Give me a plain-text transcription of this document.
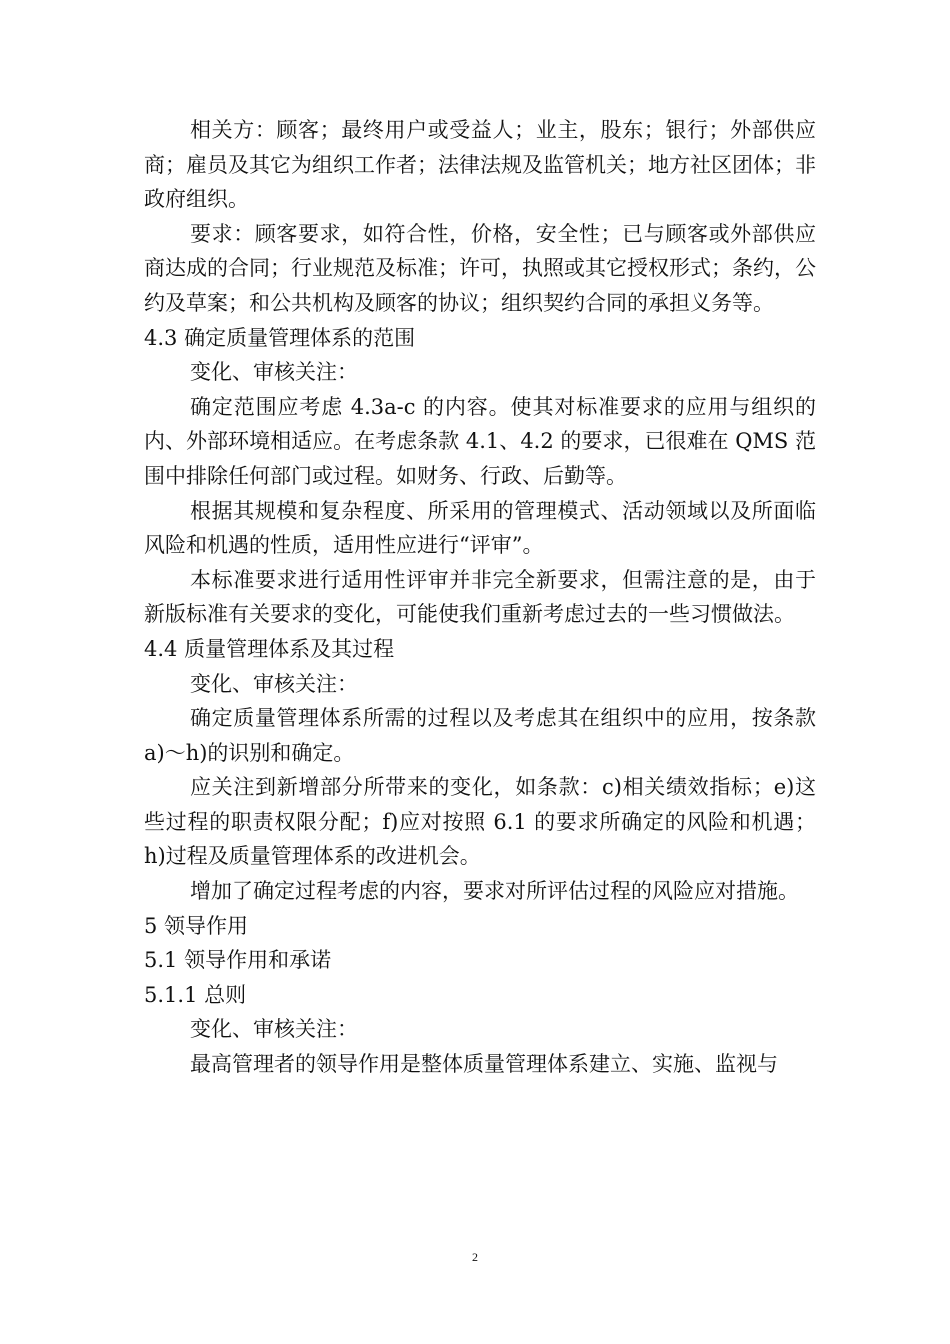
相关方：顾客；最终用户或受益人；业主，股东；银行；外部供应商；雇员及其它为组织工作者；法律法规及监管机关；地方社区团体；非政府组织。

要求：顾客要求，如符合性，价格，安全性；已与顾客或外部供应商达成的合同；行业规范及标准；许可，执照或其它授权形式；条约，公约及草案；和公共机构及顾客的协议；组织契约合同的承担义务等。

4.3 确定质量管理体系的范围

变化、审核关注：

确定范围应考虑 4.3a-c 的内容。使其对标准要求的应用与组织的内、外部环境相适应。在考虑条款 4.1、4.2 的要求，已很难在 QMS 范围中排除任何部门或过程。如财务、行政、后勤等。

根据其规模和复杂程度、所采用的管理模式、活动领域以及所面临风险和机遇的性质，适用性应进行“评审”。

本标准要求进行适用性评审并非完全新要求，但需注意的是，由于新版标准有关要求的变化，可能使我们重新考虑过去的一些习惯做法。

4.4 质量管理体系及其过程

变化、审核关注：

确定质量管理体系所需的过程以及考虑其在组织中的应用，按条款 a)～h)的识别和确定。

应关注到新增部分所带来的变化，如条款：c)相关绩效指标；e)这些过程的职责权限分配；f)应对按照 6.1 的要求所确定的风险和机遇；h)过程及质量管理体系的改进机会。

增加了确定过程考虑的内容，要求对所评估过程的风险应对措施。

5 领导作用

5.1 领导作用和承诺

5.1.1 总则

变化、审核关注：

最高管理者的领导作用是整体质量管理体系建立、实施、监视与

2
